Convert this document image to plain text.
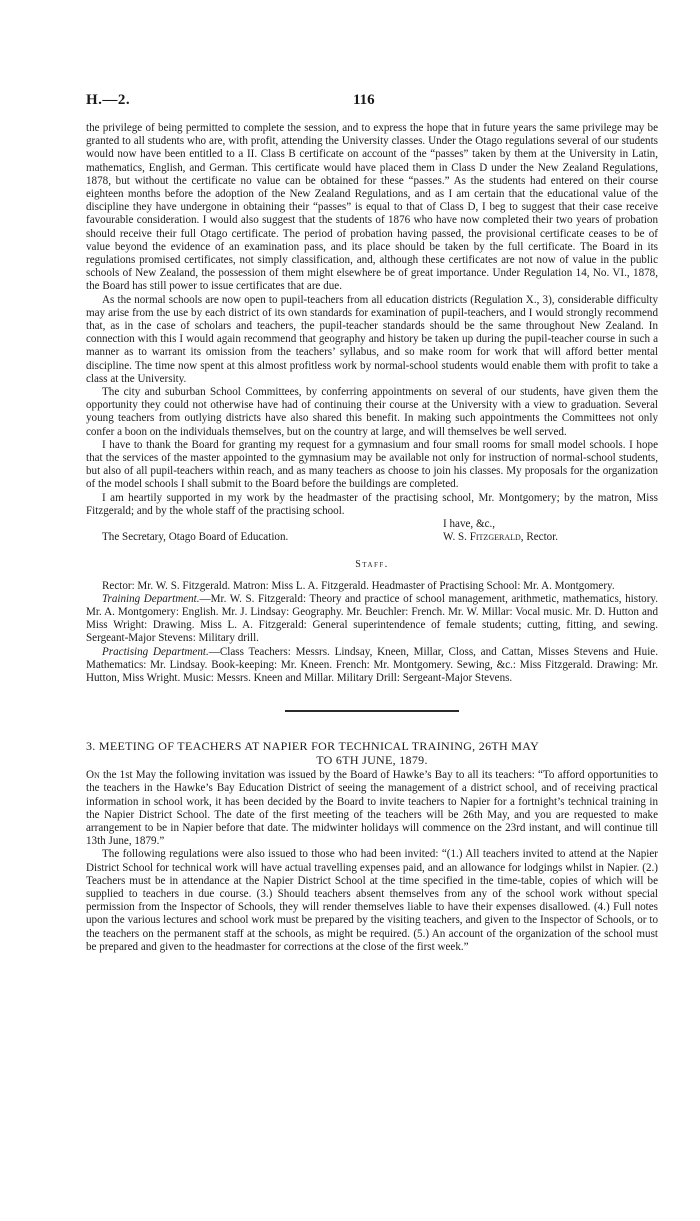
H.—2.	116

the privilege of being permitted to complete the session, and to express the hope that in future years the same privilege may be granted to all students who are, with profit, attending the University classes. Under the Otago regulations several of our students would now have been entitled to a II. Class B certificate on account of the “passes” taken by them at the University in Latin, mathematics, English, and German. This certificate would have placed them in Class D under the New Zealand Regulations, 1878, but without the certificate no value can be obtained for these “passes.” As the students had entered on their course eighteen months before the adoption of the New Zealand Regulations, and as I am certain that the educational value of the discipline they have undergone in obtaining their “passes” is equal to that of Class D, I beg to suggest that their case receive favourable consideration. I would also suggest that the students of 1876 who have now completed their two years of probation should receive their full Otago certificate. The period of probation having passed, the provisional certificate ceases to be of value beyond the evidence of an examination pass, and its place should be taken by the full certificate. The Board in its regulations promised certificates, not simply classification, and, although these certificates are not now of value in the public schools of New Zealand, the possession of them might elsewhere be of great importance. Under Regulation 14, No. VI., 1878, the Board has still power to issue certificates that are due.

As the normal schools are now open to pupil-teachers from all education districts (Regulation X., 3), considerable difficulty may arise from the use by each district of its own standards for examination of pupil-teachers, and I would strongly recommend that, as in the case of scholars and teachers, the pupil-teacher standards should be the same throughout New Zealand. In connection with this I would again recommend that geography and history be taken up during the pupil-teacher course in such a manner as to warrant its omission from the teachers’ syllabus, and so make room for work that will afford better mental discipline. The time now spent at this almost profitless work by normal-school students would enable them with profit to take a class at the University.

The city and suburban School Committees, by conferring appointments on several of our students, have given them the opportunity they could not otherwise have had of continuing their course at the University with a view to graduation. Several young teachers from outlying districts have also shared this benefit. In making such appointments the Committees not only confer a boon on the individuals themselves, but on the country at large, and will themselves be well served.

I have to thank the Board for granting my request for a gymnasium and four small rooms for small model schools. I hope that the services of the master appointed to the gymnasium may be available not only for instruction of normal-school students, but also of all pupil-teachers within reach, and as many teachers as choose to join his classes. My proposals for the organization of the model schools I shall submit to the Board before the buildings are completed.

I am heartily supported in my work by the headmaster of the practising school, Mr. Montgomery; by the matron, Miss Fitzgerald; and by the whole staff of the practising school.

I have, &c.,
The Secretary, Otago Board of Education.	W. S. Fitzgerald, Rector.
Staff.

Rector: Mr. W. S. Fitzgerald. Matron: Miss L. A. Fitzgerald. Headmaster of Practising School: Mr. A. Montgomery.

Training Department.—Mr. W. S. Fitzgerald: Theory and practice of school management, arithmetic, mathematics, history. Mr. A. Montgomery: English. Mr. J. Lindsay: Geography. Mr. Beuchler: French. Mr. W. Millar: Vocal music. Mr. D. Hutton and Miss Wright: Drawing. Miss L. A. Fitzgerald: General superintendence of female students; cutting, fitting, and sewing. Sergeant-Major Stevens: Military drill.

Practising Department.—Class Teachers: Messrs. Lindsay, Kneen, Millar, Closs, and Cattan, Misses Stevens and Huie. Mathematics: Mr. Lindsay. Book-keeping: Mr. Kneen. French: Mr. Montgomery. Sewing, &c.: Miss Fitzgerald. Drawing: Mr. Hutton, Miss Wright. Music: Messrs. Kneen and Millar. Military Drill: Sergeant-Major Stevens.

3. MEETING OF TEACHERS AT NAPIER FOR TECHNICAL TRAINING, 26TH MAY
TO 6TH JUNE, 1879.

On the 1st May the following invitation was issued by the Board of Hawke’s Bay to all its teachers: “To afford opportunities to the teachers in the Hawke’s Bay Education District of seeing the management of a district school, and of receiving practical information in school work, it has been decided by the Board to invite teachers to Napier for a fortnight’s technical training in the Napier District School. The date of the first meeting of the teachers will be 26th May, and you are requested to make arrangement to be in Napier before that date. The midwinter holidays will commence on the 23rd instant, and will continue till 13th June, 1879.”

The following regulations were also issued to those who had been invited: “(1.) All teachers invited to attend at the Napier District School for technical work will have actual travelling expenses paid, and an allowance for lodgings whilst in Napier. (2.) Teachers must be in attendance at the Napier District School at the time specified in the time-table, copies of which will be supplied to teachers in due course. (3.) Should teachers absent themselves from any of the school work without special permission from the Inspector of Schools, they will render themselves liable to have their expenses disallowed. (4.) Full notes upon the various lectures and school work must be prepared by the visiting teachers, and given to the Inspector of Schools, or to the teachers on the permanent staff at the schools, as might be required. (5.) An account of the organization of the school must be prepared and given to the headmaster for corrections at the close of the first week.”
